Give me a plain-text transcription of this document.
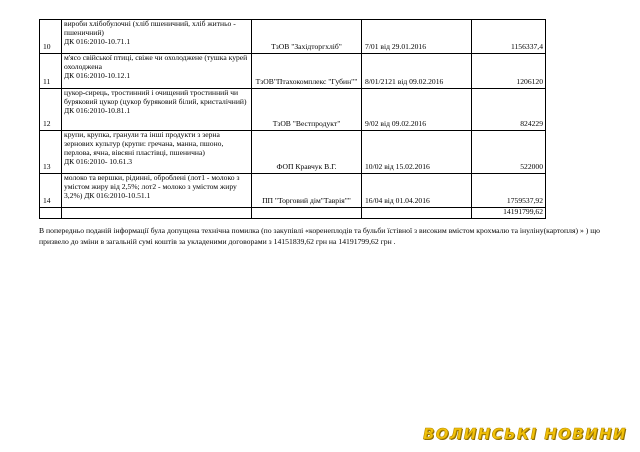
10	вироби хлібобулочні (хліб пшеничний, хліб житньо - пшеничний)
ДК 016:2010-10.71.1	ТзОВ "Західторгхліб"	7/01 від 29.01.2016	1156337,4
11	м'ясо свійської птиці, свіже чи охолоджене (тушка курей охолоджена
ДК 016:2010-10.12.1	ТзОВ"Птахокомплекс "Губин""	8/01/2121 від 09.02.2016	1206120
12	цукор-сирець, тростинний і очищений тростинний чи буряковий цукор (цукор буряковий білий, кристалічний)
ДК 016:2010-10.81.1	ТзОВ "Вестпродукт"	9/02 від 09.02.2016	824229
13	крупи, крупка, гранули та інші продукти з зерна зернових культур (крупи: гречана, манна, пшоно, перлова, ячна, вівсяні пластівці, пшенична)
ДК 016:2010- 10.61.3	ФОП Кравчук В.Г.	10/02 від 15.02.2016	522000
14	молоко та вершки, рідинні, оброблені (лот1 - молоко з умістом жиру від 2,5%; лот2 - молоко з умістом жиру 3,2%) ДК 016:2010-10.51.1	ПП "Торговий дім"Таврія""	16/04 від 01.04.2016	1759537,92
				14191799,62

В попередньо поданій інформації була допущена технічна помилка (по закупівлі «коренеплодів та бульби їстівної з високим вмістом крохмалю та інуліну(картопля) » ) що призвело до зміни в загальній сумі коштів за укладеними договорами з 14151839,62 грн на 14191799,62 грн .

ВОЛИНСЬКІ НОВИНИ
